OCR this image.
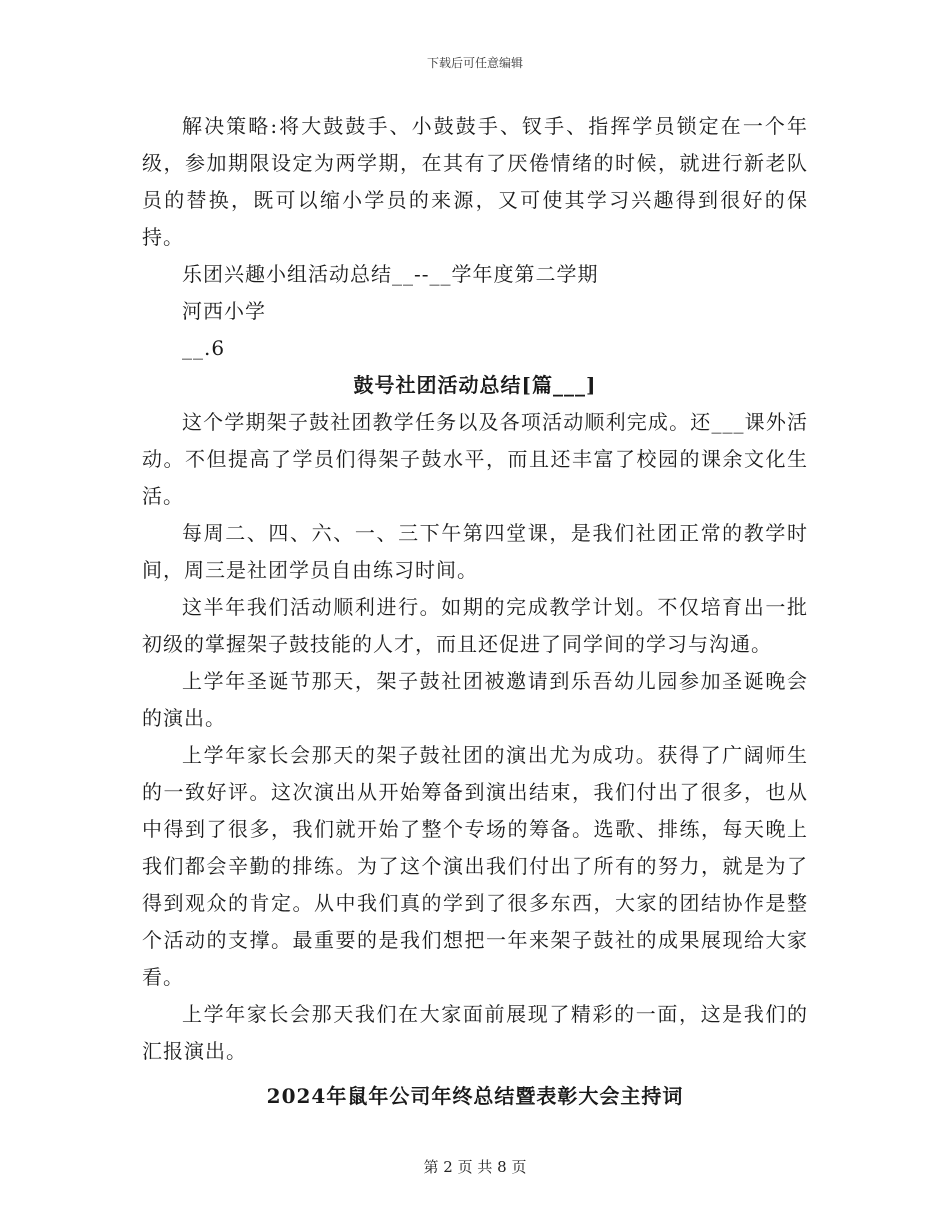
下载后可任意编辑

解决策略:将大鼓鼓手、小鼓鼓手、钗手、指挥学员锁定在一个年级，参加期限设定为两学期，在其有了厌倦情绪的时候，就进行新老队员的替换，既可以缩小学员的来源，又可使其学习兴趣得到很好的保持。

乐团兴趣小组活动总结__--__学年度第二学期

河西小学

__.6

鼓号社团活动总结[篇___]

这个学期架子鼓社团教学任务以及各项活动顺利完成。还___课外活动。不但提高了学员们得架子鼓水平，而且还丰富了校园的课余文化生活。

每周二、四、六、一、三下午第四堂课，是我们社团正常的教学时间，周三是社团学员自由练习时间。

这半年我们活动顺利进行。如期的完成教学计划。不仅培育出一批初级的掌握架子鼓技能的人才，而且还促进了同学间的学习与沟通。

上学年圣诞节那天，架子鼓社团被邀请到乐吾幼儿园参加圣诞晚会的演出。

上学年家长会那天的架子鼓社团的演出尤为成功。获得了广阔师生的一致好评。这次演出从开始筹备到演出结束，我们付出了很多，也从中得到了很多，我们就开始了整个专场的筹备。选歌、排练，每天晚上我们都会辛勤的排练。为了这个演出我们付出了所有的努力，就是为了得到观众的肯定。从中我们真的学到了很多东西，大家的团结协作是整个活动的支撑。最重要的是我们想把一年来架子鼓社的成果展现给大家看。

上学年家长会那天我们在大家面前展现了精彩的一面，这是我们的汇报演出。

2024年鼠年公司年终总结暨表彰大会主持词

第 2 页 共 8 页
